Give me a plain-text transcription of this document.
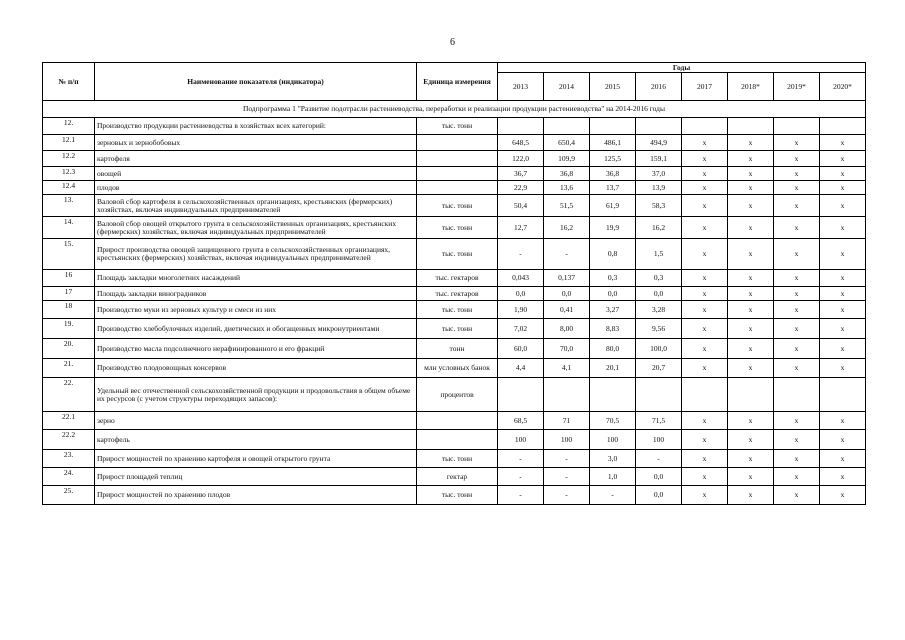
6
№ п/п	Наименование показателя (индикатора)	Единица измерения	Годы							
			2013	2014	2015	2016	2017	2018*	2019*	2020*
Подпрограмма 1 "Развитие подотрасли растениеводства, переработки и реализации продукции растениеводства" на 2014-2016 годы										
12.	Производство продукции растениеводства в хозяйствах всех категорий:	тыс. тонн								
12.1	зерновых и зернобобовых		648,5	650,4	486,1	494,9	х	х	х	х
12.2	картофеля		122,0	109,9	125,5	159,1	х	х	х	х
12.3	овощей		36,7	36,8	36,8	37,0	х	х	х	х
12.4	плодов		22,9	13,6	13,7	13,9	х	х	х	х
13.	Валовой сбор картофеля в сельскохозяйственных организациях, крестьянских (фермерских) хозяйствах, включая индивидуальных предпринимателей	тыс. тонн	50,4	51,5	61,9	58,3	х	х	х	х
14.	Валовой сбор овощей открытого грунта в сельскохозяйственных организациях, крестьянских (фермерских) хозяйствах, включая индивидуальных предпринимателей	тыс. тонн	12,7	16,2	19,9	16,2	х	х	х	х
15.	Прирост производства овощей защищенного грунта в сельскохозяйственных организациях, крестьянских (фермерских) хозяйствах, включая индивидуальных предпринимателей	тыс. тонн	-	-	0,8	1,5	х	х	х	х
16	Площадь закладки многолетних насаждений	тыс. гектаров	0,043	0,137	0,3	0,3	х	х	х	х
17	Площадь закладки виноградников	тыс. гектаров	0,0	0,0	0,0	0,0	х	х	х	х
18	Производство муки из зерновых культур и смеси из них	тыс. тонн	1,90	0,41	3,27	3,28	х	х	х	х
19.	Производство хлебобулочных изделий, диетических и обогащенных микронутриентами	тыс. тонн	7,02	8,00	8,83	9,56	х	х	х	х
20.	Производство масла подсолнечного нерафинированного и его фракций	тонн	60,0	70,0	80,0	100,0	х	х	х	х
21.	Производство плодоовощных консервов	млн условных банок	4,4	4,1	20,1	20,7	х	х	х	х
22.	Удельный вес отечественной сельскохозяйственной продукции и продовольствия в общем объеме их ресурсов (с учетом структуры переходящих запасов):	процентов								
22.1	зерно		68,5	71	70,5	71,5	х	х	х	х
22.2	картофель		100	100	100	100	х	х	х	х
23.	Прирост мощностей по хранению картофеля и овощей открытого грунта	тыс. тонн	-	-	3,0	-	х	х	х	х
24.	Прирост площадей теплиц	гектар	-	-	1,0	0,0	х	х	х	х
25.	Прирост мощностей по хранению плодов	тыс. тонн	-	-	-	0,0	х	х	х	х
